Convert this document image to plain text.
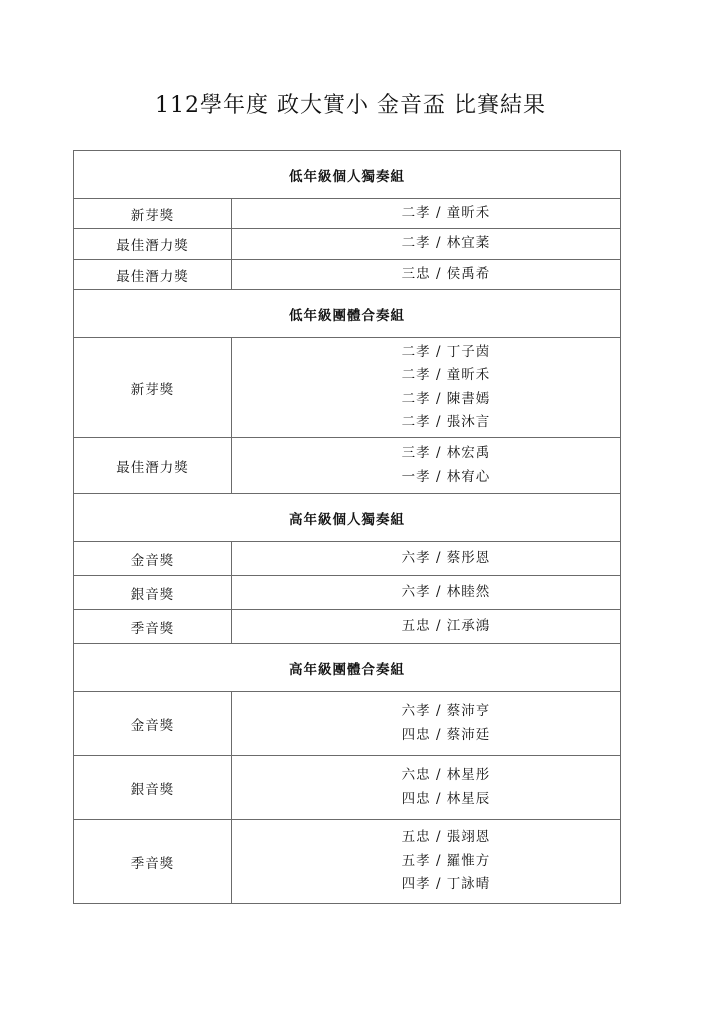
112學年度 政大實小 金音盃 比賽結果
低年級個人獨奏組	
新芽獎	二孝 / 童昕禾

最佳潛力獎	二孝 / 林宜葇

最佳潛力獎	三忠 / 侯禹希

低年級團體合奏組	
新芽獎	二孝 / 丁子茵
二孝 / 童昕禾
二孝 / 陳書嫣
二孝 / 張沐言

最佳潛力獎	三孝 / 林宏禹
一孝 / 林宥心

高年級個人獨奏組	
金音獎	六孝 / 蔡彤恩

銀音獎	六孝 / 林睦然

季音獎	五忠 / 江承鴻

高年級團體合奏組	
金音獎	六孝 / 蔡沛亨
四忠 / 蔡沛廷

銀音獎	六忠 / 林星彤
四忠 / 林星辰

季音獎	五忠 / 張翊恩
五孝 / 羅惟方
四孝 / 丁詠晴
